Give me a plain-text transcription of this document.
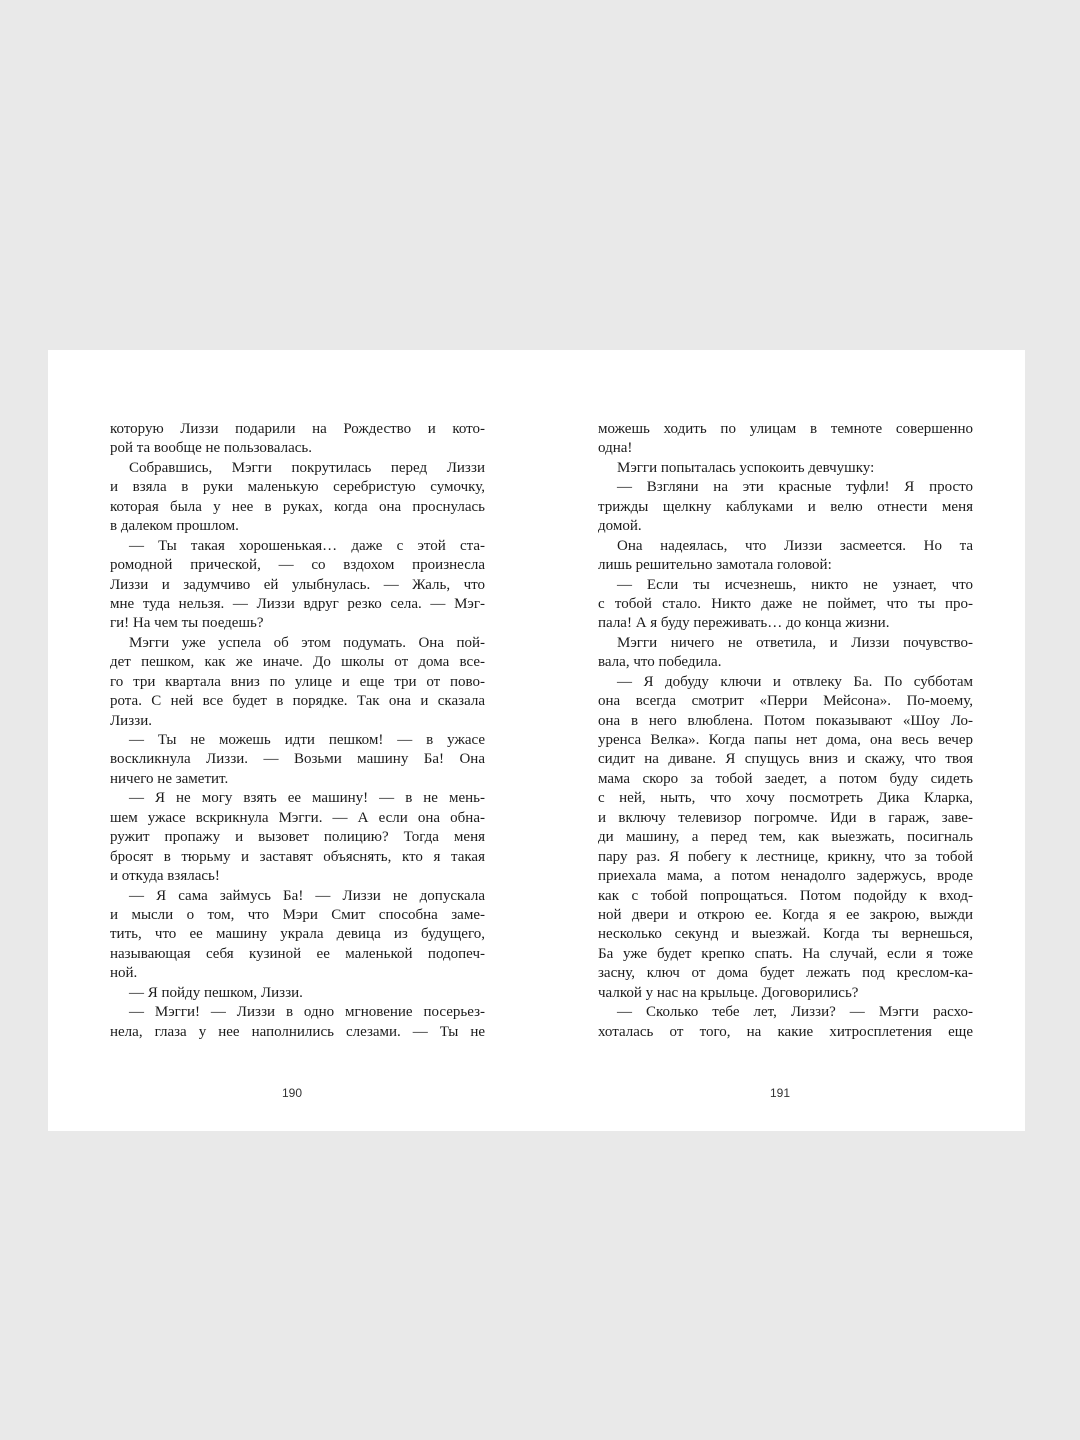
которую Лиззи подарили на Рождество и кото-
рой та вообще не пользовалась.
Собравшись, Мэгги покрутилась перед Лиззи
и взяла в руки маленькую серебристую сумочку,
которая была у нее в руках, когда она проснулась
в далеком прошлом.
— Ты такая хорошенькая… даже с этой ста-
ромодной прической, — со вздохом произнесла
Лиззи и задумчиво ей улыбнулась. — Жаль, что
мне туда нельзя. — Лиззи вдруг резко села. — Мэг-
ги! На чем ты поедешь?
Мэгги уже успела об этом подумать. Она пой-
дет пешком, как же иначе. До школы от дома все-
го три квартала вниз по улице и еще три от пово-
рота. С ней все будет в порядке. Так она и сказала
Лиззи.
— Ты не можешь идти пешком! — в ужасе
воскликнула Лиззи. — Возьми машину Ба! Она
ничего не заметит.
— Я не могу взять ее машину! — в не мень-
шем ужасе вскрикнула Мэгги. — А если она обна-
ружит пропажу и вызовет полицию? Тогда меня
бросят в тюрьму и заставят объяснять, кто я такая
и откуда взялась!
— Я сама займусь Ба! — Лиззи не допускала
и мысли о том, что Мэри Смит способна заме-
тить, что ее машину украла девица из будущего,
называющая себя кузиной ее маленькой подопеч-
ной.
— Я пойду пешком, Лиззи.
— Мэгги! — Лиззи в одно мгновение посерьез-
нела, глаза у нее наполнились слезами. — Ты не
можешь ходить по улицам в темноте совершенно
одна!
Мэгги попыталась успокоить девчушку:
— Взгляни на эти красные туфли! Я просто
трижды щелкну каблуками и велю отнести меня
домой.
Она надеялась, что Лиззи засмеется. Но та
лишь решительно замотала головой:
— Если ты исчезнешь, никто не узнает, что
с тобой стало. Никто даже не поймет, что ты про-
пала! А я буду переживать… до конца жизни.
Мэгги ничего не ответила, и Лиззи почувство-
вала, что победила.
— Я добуду ключи и отвлеку Ба. По субботам
она всегда смотрит «Перри Мейсона». По-моему,
она в него влюблена. Потом показывают «Шоу Ло-
уренса Велка». Когда папы нет дома, она весь вечер
сидит на диване. Я спущусь вниз и скажу, что твоя
мама скоро за тобой заедет, а потом буду сидеть
с ней, ныть, что хочу посмотреть Дика Кларка,
и включу телевизор погромче. Иди в гараж, заве-
ди машину, а перед тем, как выезжать, посигналь
пару раз. Я побегу к лестнице, крикну, что за тобой
приехала мама, а потом ненадолго задержусь, вроде
как с тобой попрощаться. Потом подойду к вход-
ной двери и открою ее. Когда я ее закрою, выжди
несколько секунд и выезжай. Когда ты вернешься,
Ба уже будет крепко спать. На случай, если я тоже
засну, ключ от дома будет лежать под креслом-ка-
чалкой у нас на крыльце. Договорились?
— Сколько тебе лет, Лиззи? — Мэгги расхо-
хоталась от того, на какие хитросплетения еще
190	191
